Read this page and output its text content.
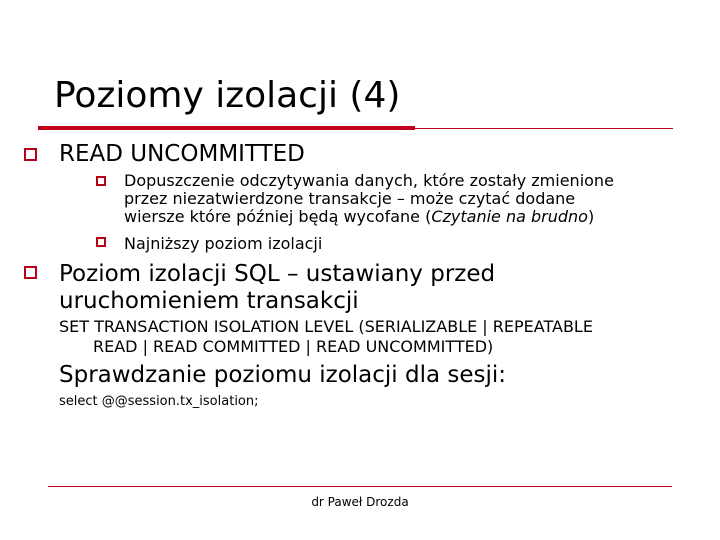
Poziomy izolacji (4)
READ UNCOMMITTED
Dopuszczenie odczytywania danych, które zostały zmienione
przez niezatwierdzone transakcje – może czytać dodane
wiersze które później będą wycofane (Czytanie na brudno)
Najniższy poziom izolacji
Poziom izolacji SQL – ustawiany przed
uruchomieniem transakcji
SET TRANSACTION ISOLATION LEVEL (SERIALIZABLE | REPEATABLE
READ | READ COMMITTED | READ UNCOMMITTED)
Sprawdzanie poziomu izolacji dla sesji:
select @@session.tx_isolation;
dr Paweł Drozda
